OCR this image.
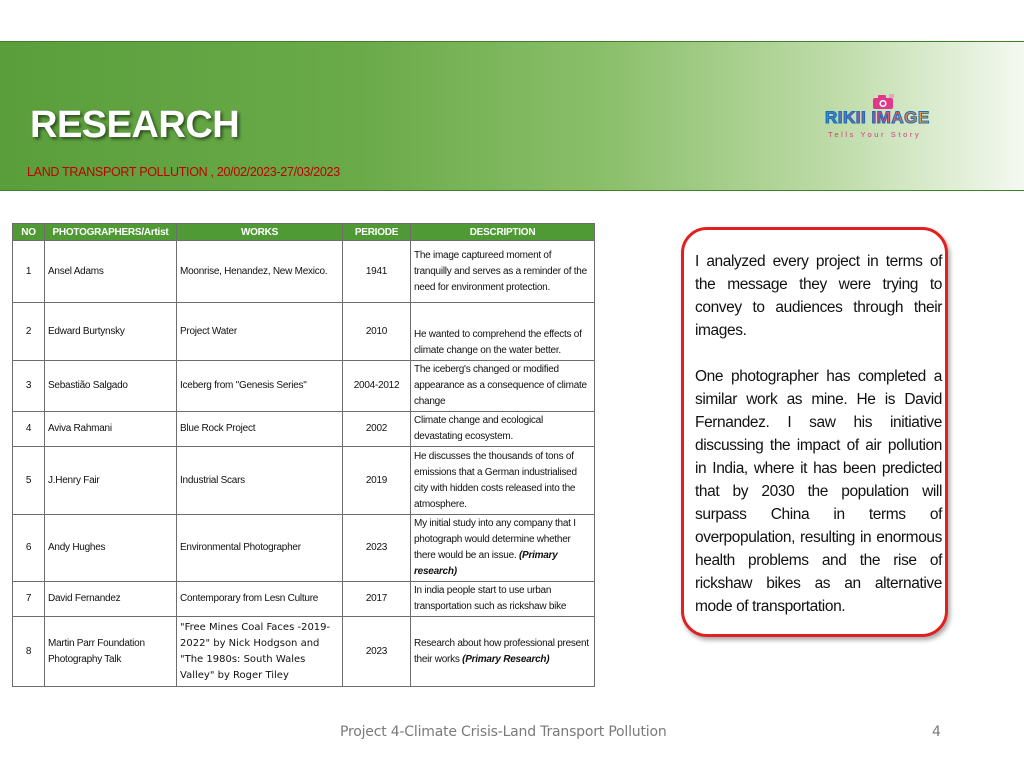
RESEARCH
LAND TRANSPORT POLLUTION , 20/02/2023-27/03/2023
RIKII IMAGE
Tells Your Story
NO	PHOTOGRAPHERS/Artist	WORKS	PERIODE	DESCRIPTION
1	Ansel Adams	Moonrise, Henandez, New Mexico.	1941	The image captureed moment of tranquilly and serves as a reminder of the need for environment protection.
2	Edward Burtynsky	Project Water	2010	He wanted to comprehend the effects of climate change on the water better.
3	Sebastião Salgado	Iceberg from "Genesis Series"	2004-2012	The iceberg's changed or modified appearance as a consequence of climate change
4	Aviva Rahmani	Blue Rock Project	2002	Climate change and ecological devastating ecosystem.
5	J.Henry Fair	Industrial Scars	2019	He discusses the thousands of tons of emissions that a German industrialised city with hidden costs released into the atmosphere.
6	Andy Hughes	Environmental Photographer	2023	My initial study into any company that I photograph would determine whether there would be an issue. (Primary research)
7	David Fernandez	Contemporary from Lesn Culture	2017	In india people start to use urban transportation such as rickshaw bike
8	Martin Parr Foundation Photography Talk	"Free Mines Coal Faces -2019-2022" by Nick Hodgson and "The 1980s: South Wales Valley" by Roger Tiley	2023	Research about how professional present their works (Primary Research)

I analyzed every project in terms of the message they were trying to convey to audiences through their images.

One photographer has completed a similar work as mine. He is David Fernandez. I saw his initiative discussing the impact of air pollution in India, where it has been predicted that by 2030 the population will surpass China in terms of overpopulation, resulting in enormous health problems and the rise of rickshaw bikes as an alternative mode of transportation.

Project 4-Climate Crisis-Land Transport Pollution	4
